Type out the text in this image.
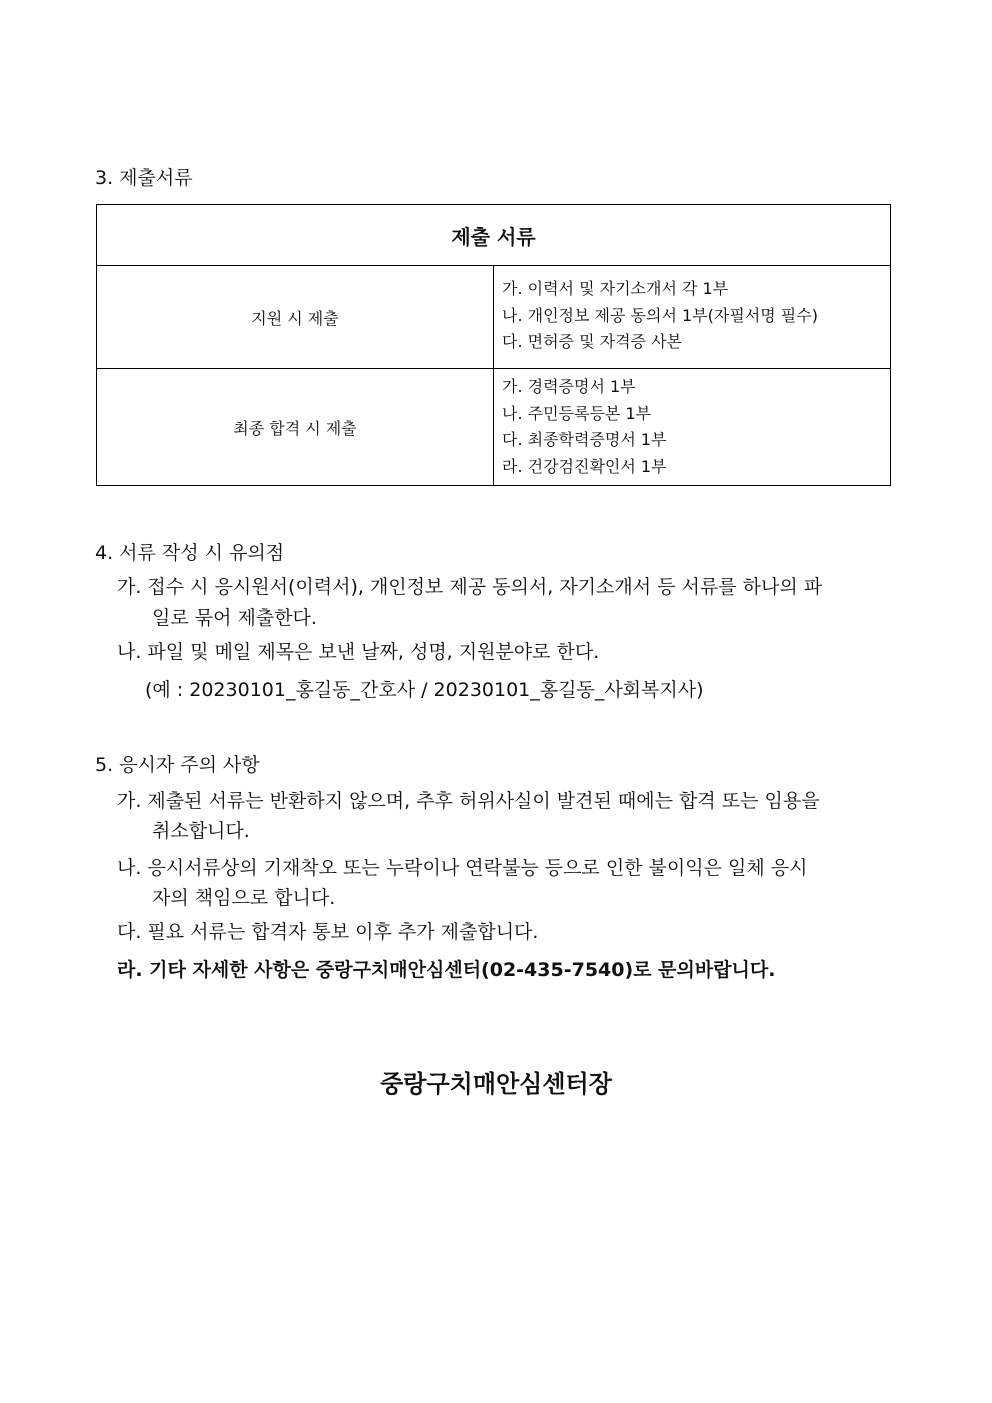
3. 제출서류
제출 서류	
지원 시 제출	가. 이력서 및 자기소개서 각 1부
나. 개인정보 제공 동의서 1부(자필서명 필수)
다. 면허증 및 자격증 사본

최종 합격 시 제출	가. 경력증명서 1부
나. 주민등록등본 1부
다. 최종학력증명서 1부
라. 건강검진확인서 1부
4. 서류 작성 시 유의점
가. 접수 시 응시원서(이력서), 개인정보 제공 동의서, 자기소개서 등 서류를 하나의 파
일로 묶어 제출한다.
나. 파일 및 메일 제목은 보낸 날짜, 성명, 지원분야로 한다.
(예 : 20230101_홍길동_간호사 / 20230101_홍길동_사회복지사)
5. 응시자 주의 사항
가. 제출된 서류는 반환하지 않으며, 추후 허위사실이 발견된 때에는 합격 또는 임용을
취소합니다.
나. 응시서류상의 기재착오 또는 누락이나 연락불능 등으로 인한 불이익은 일체 응시
자의 책임으로 합니다.
다. 필요 서류는 합격자 통보 이후 추가 제출합니다.
라. 기타 자세한 사항은 중랑구치매안심센터(02-435-7540)로 문의바랍니다.
중랑구치매안심센터장
